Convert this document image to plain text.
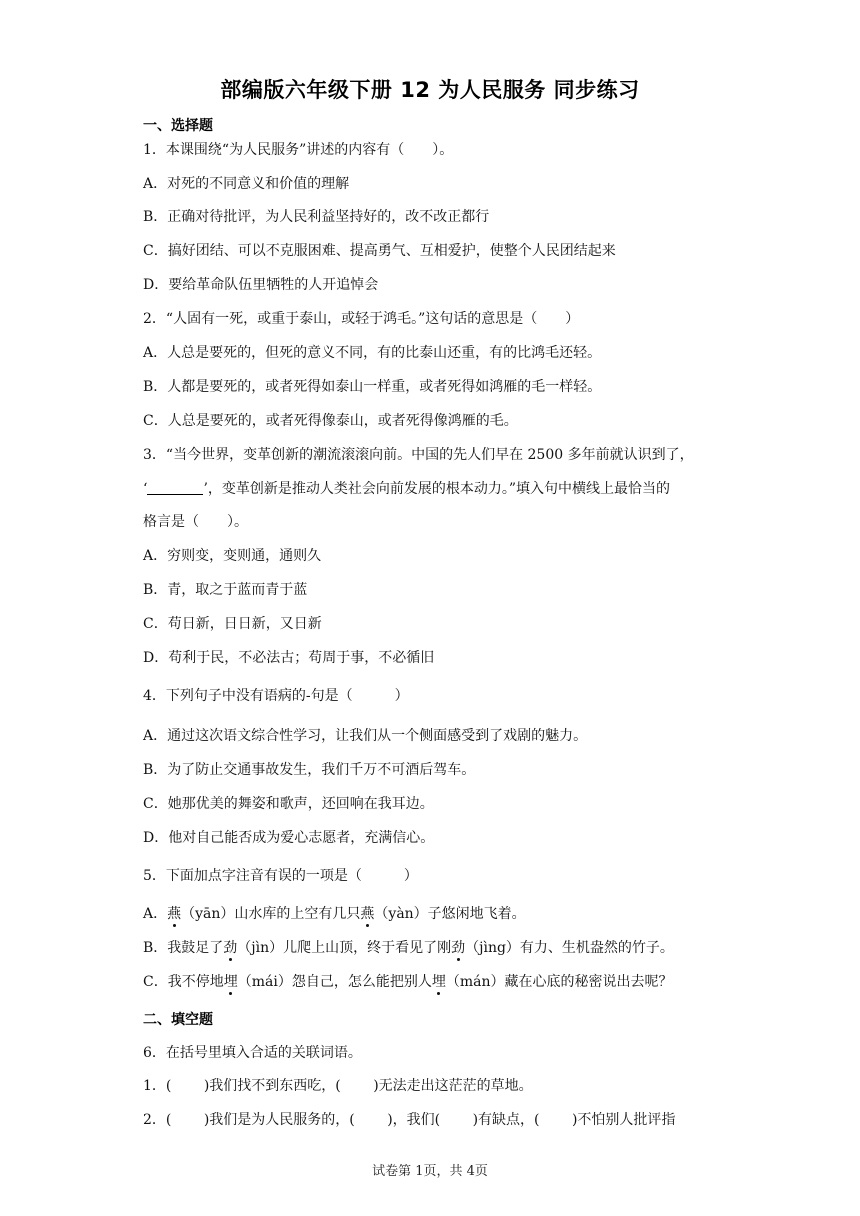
部编版六年级下册 12 为人民服务 同步练习
一、选择题
1．本课围绕“为人民服务”讲述的内容有（　　）。
A．对死的不同意义和价值的理解
B．正确对待批评，为人民利益坚持好的，改不改正都行
C．搞好团结、可以不克服困难、提高勇气、互相爱护，使整个人民团结起来
D．要给革命队伍里牺牲的人开追悼会
2．“人固有一死，或重于泰山，或轻于鸿毛。”这句话的意思是（　　）
A．人总是要死的，但死的意义不同，有的比泰山还重，有的比鸿毛还轻。
B．人都是要死的，或者死得如泰山一样重，或者死得如鸿雁的毛一样轻。
C．人总是要死的，或者死得像泰山，或者死得像鸿雁的毛。
3．“当今世界，变革创新的潮流滚滚向前。中国的先人们早在 2500 多年前就认识到了，
‘	’，变革创新是推动人类社会向前发展的根本动力。”填入句中横线上最恰当的
格言是（　　）。
A．穷则变，变则通，通则久
B．青，取之于蓝而青于蓝
C．苟日新，日日新，又日新
D．苟利于民，不必法古；苟周于事，不必循旧
4．下列句子中没有语病的-句是（　　　）
A．通过这次语文综合性学习，让我们从一个侧面感受到了戏剧的魅力。
B．为了防止交通事故发生，我们千万不可酒后驾车。
C．她那优美的舞姿和歌声，还回响在我耳边。
D．他对自己能否成为爱心志愿者，充满信心。
5．下面加点字注音有误的一项是（　　　）
A．燕（yān）山水库的上空有几只燕（yàn）子悠闲地飞着。
B．我鼓足了劲（jìn）儿爬上山顶，终于看见了刚劲（jìng）有力、生机盎然的竹子。
C．我不停地埋（mái）怨自己，怎么能把别人埋（mán）藏在心底的秘密说出去呢？
二、填空题
6．在括号里填入合适的关联词语。
1．(　　 )我们找不到东西吃，(　　 )无法走出这茫茫的草地。
2．(　　 )我们是为人民服务的，(　　 )，我们(　　 )有缺点，(　　 )不怕别人批评指
试卷第 1页，共 4页
